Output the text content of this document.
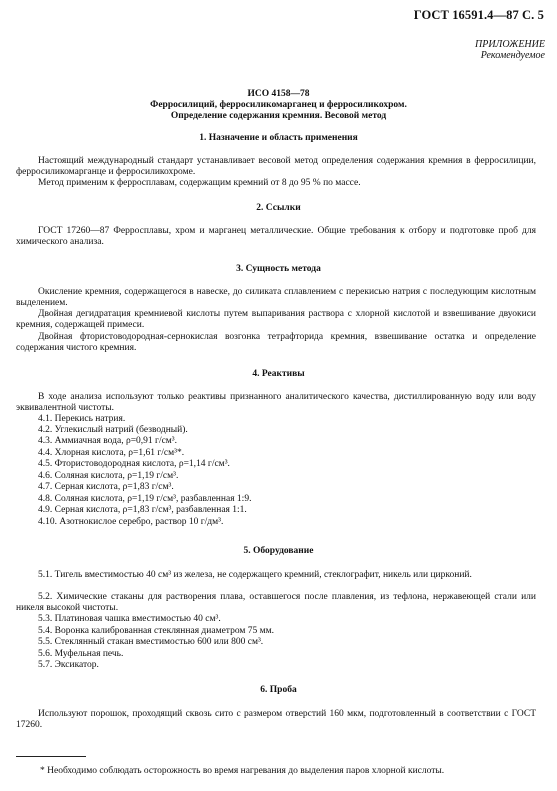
ГОСТ 16591.4—87 С. 5
ПРИЛОЖЕНИЕ
Рекомендуемое
ИСО 4158—78
Ферросилиций, ферросиликомарганец и ферросиликохром.
Определение содержания кремния. Весовой метод
1. Назначение и область применения

Настоящий международный стандарт устанавливает весовой метод определения содержания кремния в ферросилиции, ферросиликомарганце и ферросиликохроме.

Метод применим к ферросплавам, содержащим кремний от 8 до 95 % по массе.

2. Ссылки

ГОСТ 17260—87 Ферросплавы, хром и марганец металлические. Общие требования к отбору и подготовке проб для химического анализа.

3. Сущность метода

Окисление кремния, содержащегося в навеске, до силиката сплавлением с перекисью натрия с последующим кислотным выделением.

Двойная дегидратация кремниевой кислоты путем выпаривания раствора с хлорной кислотой и взвешивание двуокиси кремния, содержащей примеси.

Двойная фтористоводородная-сернокислая возгонка тетрафторида кремния, взвешивание остатка и определение содержания чистого кремния.

4. Реактивы

В ходе анализа используют только реактивы признанного аналитического качества, дистиллированную воду или воду эквивалентной чистоты.

4.1. Перекись натрия.

4.2. Углекислый натрий (безводный).

4.3. Аммиачная вода, ρ=0,91 г/см³.

4.4. Хлорная кислота, ρ=1,61 г/см³*.

4.5. Фтористоводородная кислота, ρ=1,14 г/см³.

4.6. Соляная кислота, ρ=1,19 г/см³.

4.7. Серная кислота, ρ=1,83 г/см³.

4.8. Соляная кислота, ρ=1,19 г/см³, разбавленная 1:9.

4.9. Серная кислота, ρ=1,83 г/см³, разбавленная 1:1.

4.10. Азотнокислое серебро, раствор 10 г/дм³.

5. Оборудование

5.1. Тигель вместимостью 40 см³ из железа, не содержащего кремний, стеклографит, никель или цирконий.

5.2. Химические стаканы для растворения плава, оставшегося после плавления, из тефлона, нержавеющей стали или никеля высокой чистоты.

5.3. Платиновая чашка вместимостью 40 см³.

5.4. Воронка калиброванная стеклянная диаметром 75 мм.

5.5. Стеклянный стакан вместимостью 600 или 800 см³.

5.6. Муфельная печь.

5.7. Эксикатор.

6. Проба

Используют порошок, проходящий сквозь сито с размером отверстий 160 мкм, подготовленный в соответствии с ГОСТ 17260.

* Необходимо соблюдать осторожность во время нагревания до выделения паров хлорной кислоты.
